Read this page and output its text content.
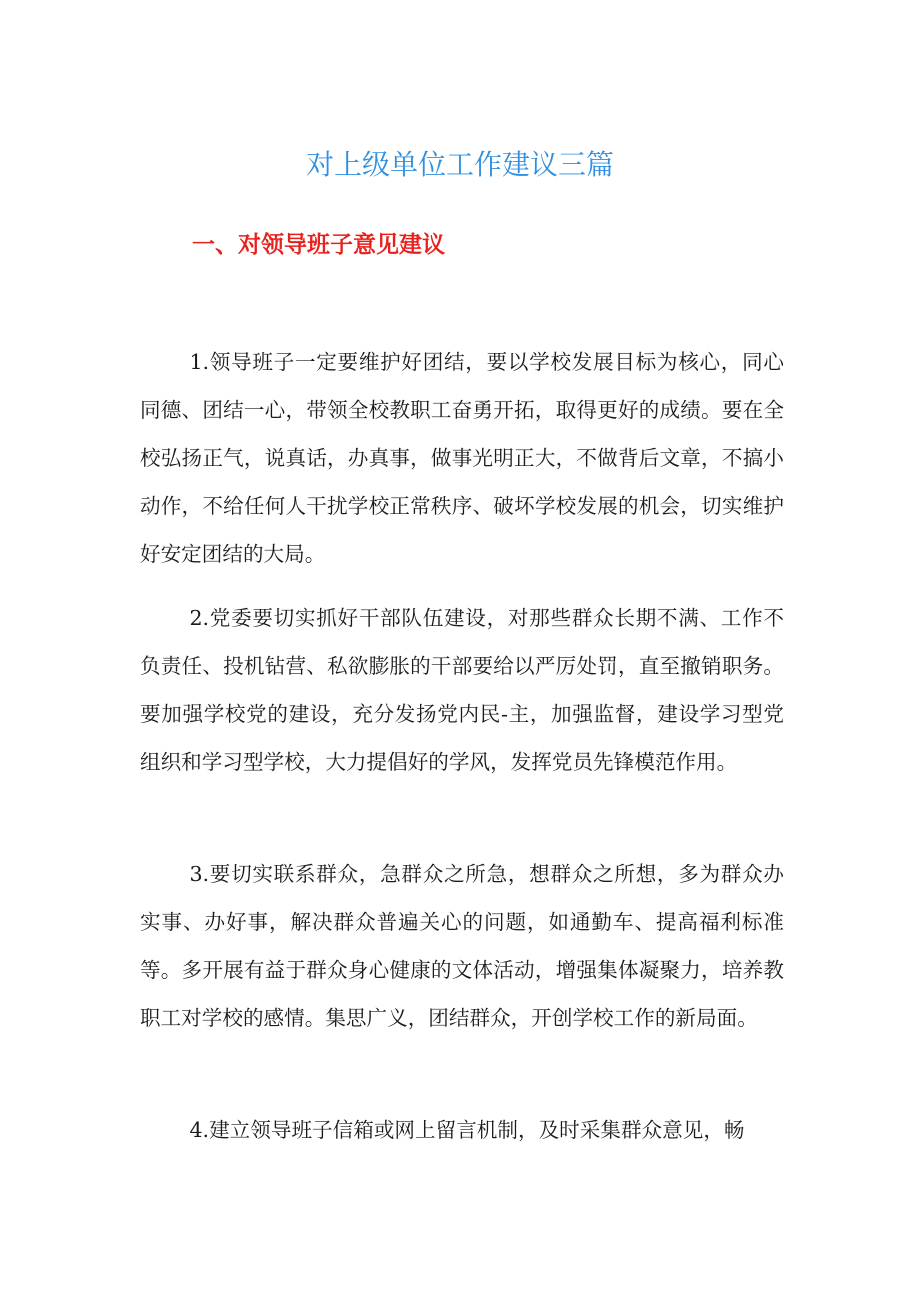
对上级单位工作建议三篇
一、对领导班子意见建议

1.领导班子一定要维护好团结，要以学校发展目标为核心，同心同德、团结一心，带领全校教职工奋勇开拓，取得更好的成绩。要在全校弘扬正气，说真话，办真事，做事光明正大，不做背后文章，不搞小动作，不给任何人干扰学校正常秩序、破坏学校发展的机会，切实维护好安定团结的大局。

2.党委要切实抓好干部队伍建设，对那些群众长期不满、工作不负责任、投机钻营、私欲膨胀的干部要给以严厉处罚，直至撤销职务。要加强学校党的建设，充分发扬党内民-主，加强监督，建设学习型党组织和学习型学校，大力提倡好的学风，发挥党员先锋模范作用。

3.要切实联系群众，急群众之所急，想群众之所想，多为群众办实事、办好事，解决群众普遍关心的问题，如通勤车、提高福利标准等。多开展有益于群众身心健康的文体活动，增强集体凝聚力，培养教职工对学校的感情。集思广义，团结群众，开创学校工作的新局面。

4.建立领导班子信箱或网上留言机制，及时采集群众意见，畅
